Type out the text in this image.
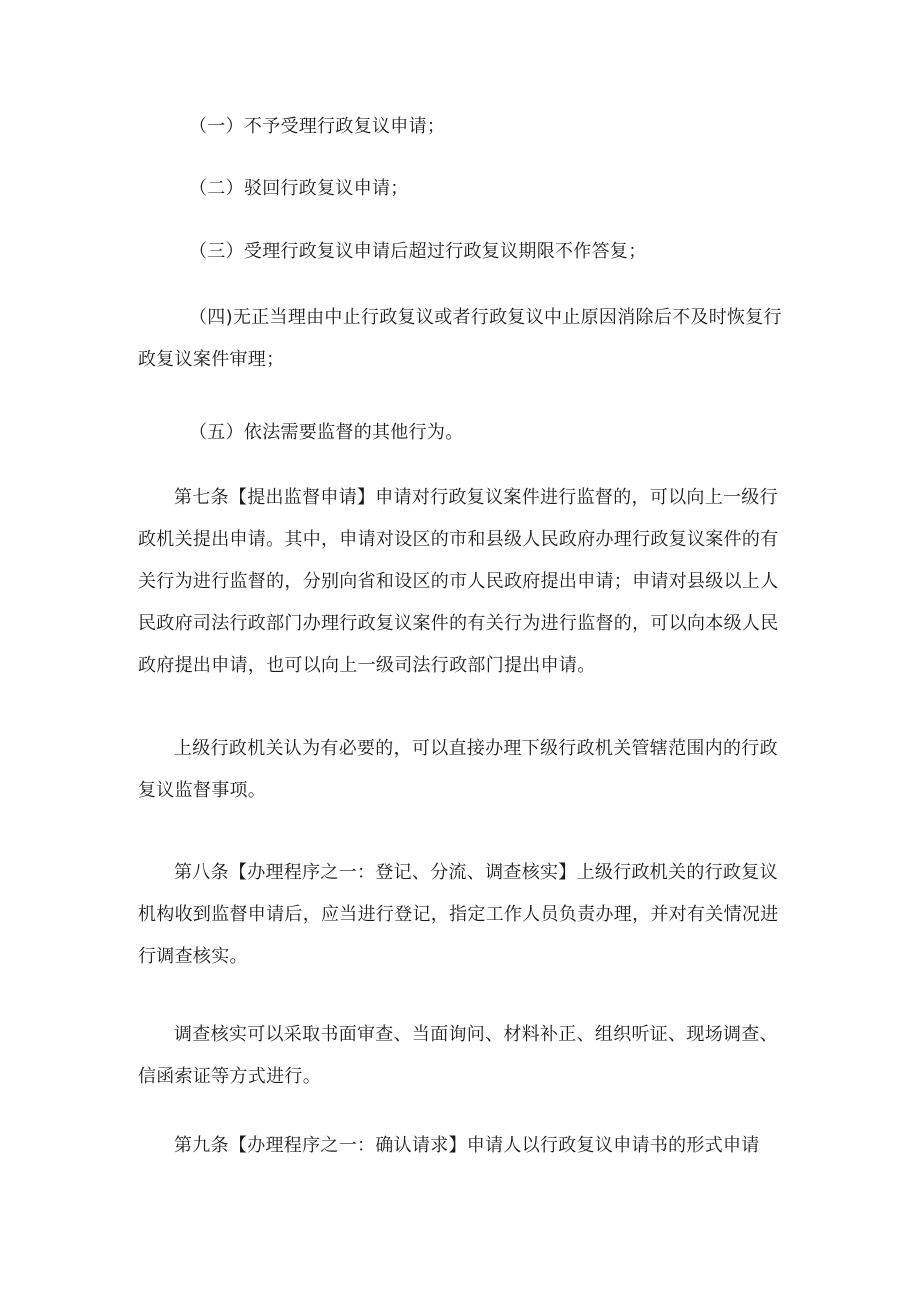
（一）不予受理行政复议申请；

（二）驳回行政复议申请；

（三）受理行政复议申请后超过行政复议期限不作答复；

（四)无正当理由中止行政复议或者行政复议中止原因消除后不及时恢复行政复议案件审理；

（五）依法需要监督的其他行为。

第七条【提出监督申请】申请对行政复议案件进行监督的，可以向上一级行政机关提出申请。其中，申请对设区的市和县级人民政府办理行政复议案件的有关行为进行监督的，分别向省和设区的市人民政府提出申请；申请对县级以上人民政府司法行政部门办理行政复议案件的有关行为进行监督的，可以向本级人民政府提出申请，也可以向上一级司法行政部门提出申请。

上级行政机关认为有必要的，可以直接办理下级行政机关管辖范围内的行政复议监督事项。

第八条【办理程序之一：登记、分流、调查核实】上级行政机关的行政复议机构收到监督申请后，应当进行登记，指定工作人员负责办理，并对有关情况进行调查核实。

调查核实可以采取书面审查、当面询问、材料补正、组织听证、现场调查、信函索证等方式进行。

第九条【办理程序之一：确认请求】申请人以行政复议申请书的形式申请
